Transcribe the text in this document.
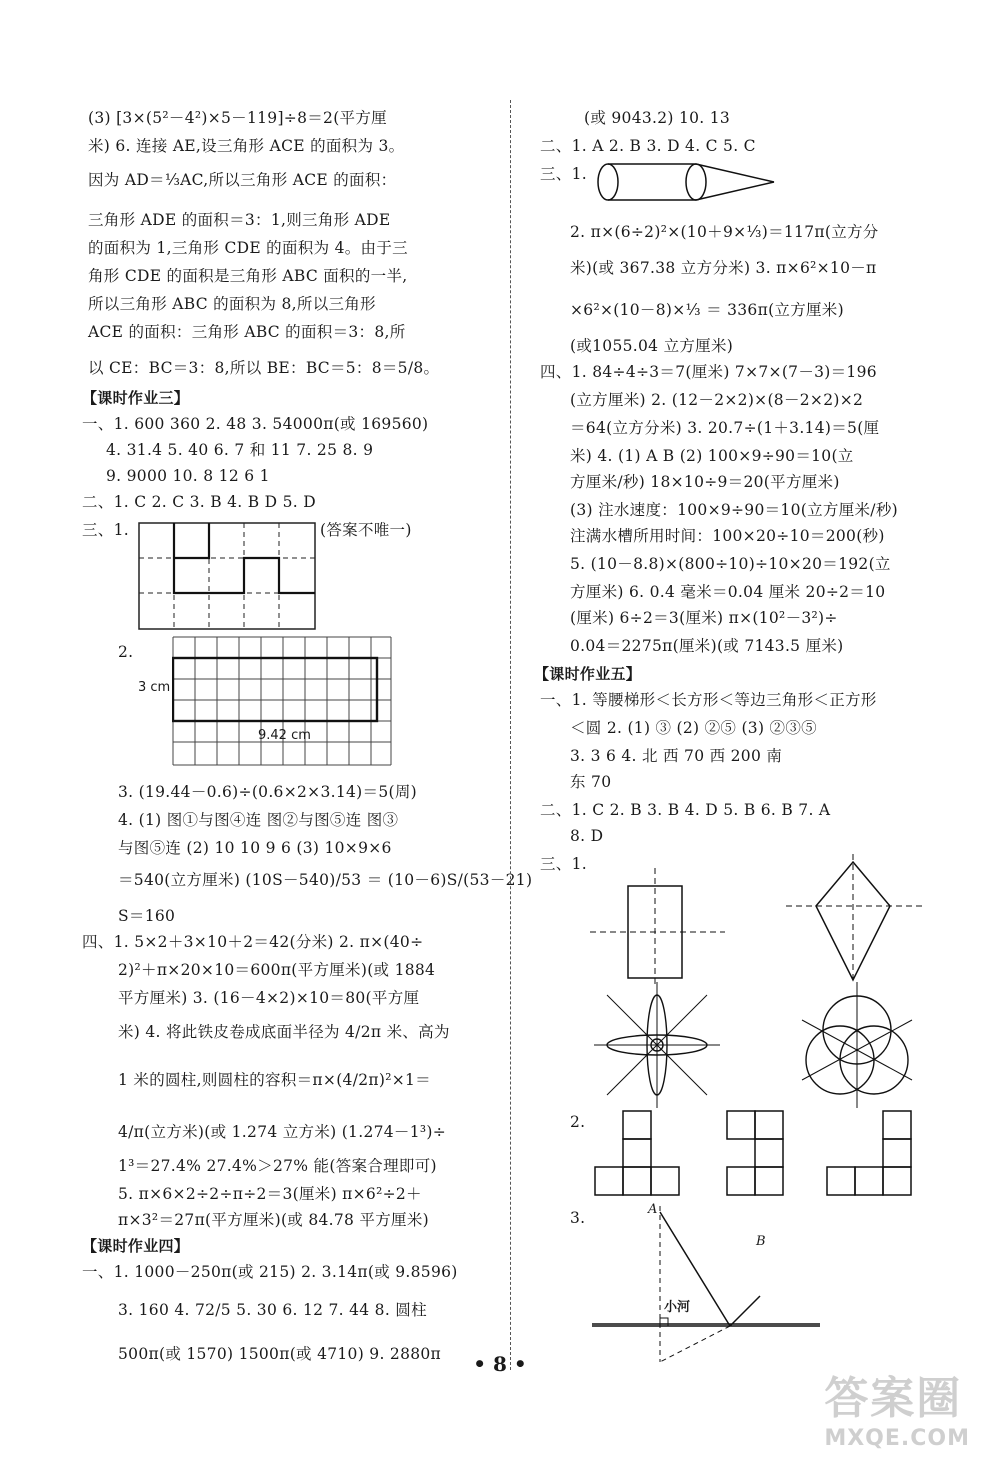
(3) [3×(5²－4²)×5－119]÷8＝2(平方厘
米) 6. 连接 AE,设三角形 ACE 的面积为 3。
因为 AD＝⅓AC,所以三角形 ACE 的面积：
三角形 ADE 的面积＝3：1,则三角形 ADE
的面积为 1,三角形 CDE 的面积为 4。由于三
角形 CDE 的面积是三角形 ABC 面积的一半,
所以三角形 ABC 的面积为 8,所以三角形
ACE 的面积：三角形 ABC 的面积＝3：8,所
以 CE：BC＝3：8,所以 BE：BC＝5：8＝5/8。
【课时作业三】
一、1. 600 360 2. 48 3. 54000π(或 169560)
4. 31.4 5. 40 6. 7 和 11 7. 25 8. 9
9. 9000 10. 8 12 6 1
二、1. C 2. C 3. B 4. B D 5. D
三、1.	(答案不唯一)
2.
3 cm
9.42 cm
3. (19.44－0.6)÷(0.6×2×3.14)＝5(周)
4. (1) 图①与图④连 图②与图⑤连 图③
与图⑤连 (2) 10 10 9 6 (3) 10×9×6
＝540(立方厘米) (10S－540)/53 ＝ (10－6)S/(53－21)
S＝160
四、1. 5×2＋3×10＋2＝42(分米) 2. π×(40÷
2)²＋π×20×10＝600π(平方厘米)(或 1884
平方厘米) 3. (16－4×2)×10＝80(平方厘
米) 4. 将此铁皮卷成底面半径为 4/2π 米、高为
1 米的圆柱,则圆柱的容积＝π×(4/2π)²×1＝
4/π(立方米)(或 1.274 立方米) (1.274－1³)÷
1³＝27.4% 27.4%＞27% 能(答案合理即可)
5. π×6×2÷2÷π÷2＝3(厘米) π×6²÷2＋
π×3²＝27π(平方厘米)(或 84.78 平方厘米)
【课时作业四】
一、1. 1000－250π(或 215) 2. 3.14π(或 9.8596)
3. 160 4. 72/5 5. 30 6. 12 7. 44 8. 圆柱
500π(或 1570) 1500π(或 4710) 9. 2880π
(或 9043.2) 10. 13
二、1. A 2. B 3. D 4. C 5. C
三、1.
2. π×(6÷2)²×(10＋9×⅓)＝117π(立方分
米)(或 367.38 立方分米) 3. π×6²×10－π
×6²×(10－8)×⅓ ＝ 336π(立方厘米)
(或1055.04 立方厘米)
四、1. 84÷4÷3＝7(厘米) 7×7×(7－3)＝196
(立方厘米) 2. (12－2×2)×(8－2×2)×2
＝64(立方分米) 3. 20.7÷(1＋3.14)＝5(厘
米) 4. (1) A B (2) 100×9÷90＝10(立
方厘米/秒) 18×10÷9＝20(平方厘米)
(3) 注水速度：100×9÷90＝10(立方厘米/秒)
注满水槽所用时间：100×20÷10＝200(秒)
5. (10－8.8)×(800÷10)÷10×20＝192(立
方厘米) 6. 0.4 毫米＝0.04 厘米 20÷2＝10
(厘米) 6÷2＝3(厘米) π×(10²－3²)÷
0.04＝2275π(厘米)(或 7143.5 厘米)
【课时作业五】
一、1. 等腰梯形＜长方形＜等边三角形＜正方形
＜圆 2. (1) ③ (2) ②⑤ (3) ②③⑤
3. 3 6 4. 北 西 70 西 200 南
东 70
二、1. C 2. B 3. B 4. D 5. B 6. B 7. A
8. D
三、1.
2.
3.	A
B
小河
• 8 •
答案圈
MXQE.COM
